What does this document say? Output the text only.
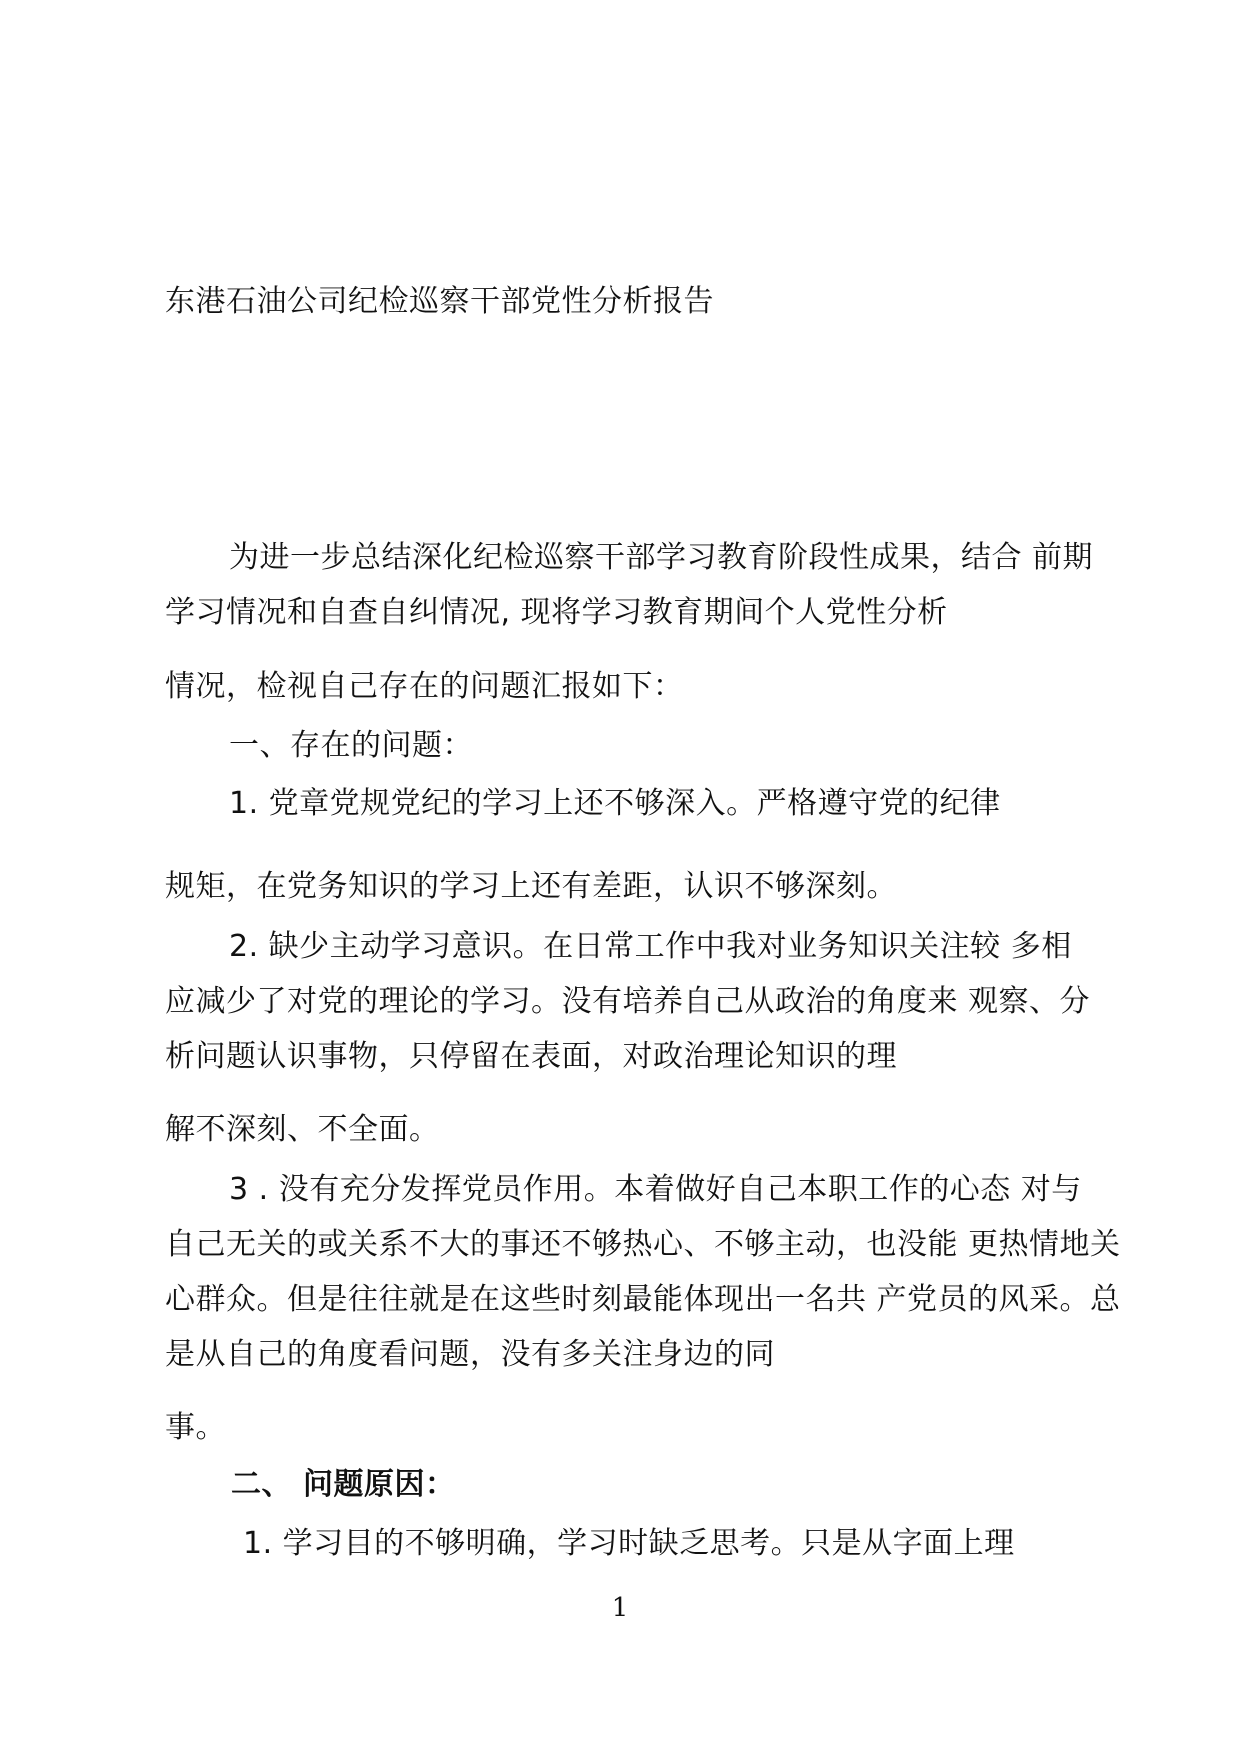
东港石油公司纪检巡察干部党性分析报告
为进一步总结深化纪检巡察干部学习教育阶段性成果，结合 前期
学习情况和自查自纠情况, 现将学习教育期间个人党性分析
情况，检视自己存在的问题汇报如下：
一、存在的问题：
1. 党章党规党纪的学习上还不够深入。严格遵守党的纪律
规矩，在党务知识的学习上还有差距，认识不够深刻。
2. 缺少主动学习意识。在日常工作中我对业务知识关注较 多相
应减少了对党的理论的学习。没有培养自己从政治的角度来 观察、分
析问题认识事物，只停留在表面，对政治理论知识的理
解不深刻、不全面。
3 . 没有充分发挥党员作用。本着做好自己本职工作的心态 对与
自己无关的或关系不大的事还不够热心、不够主动，也没能 更热情地关
心群众。但是往往就是在这些时刻最能体现出一名共 产党员的风采。总
是从自己的角度看问题，没有多关注身边的同
事。
二、 问题原因：
1. 学习目的不够明确，学习时缺乏思考。只是从字面上理
1
